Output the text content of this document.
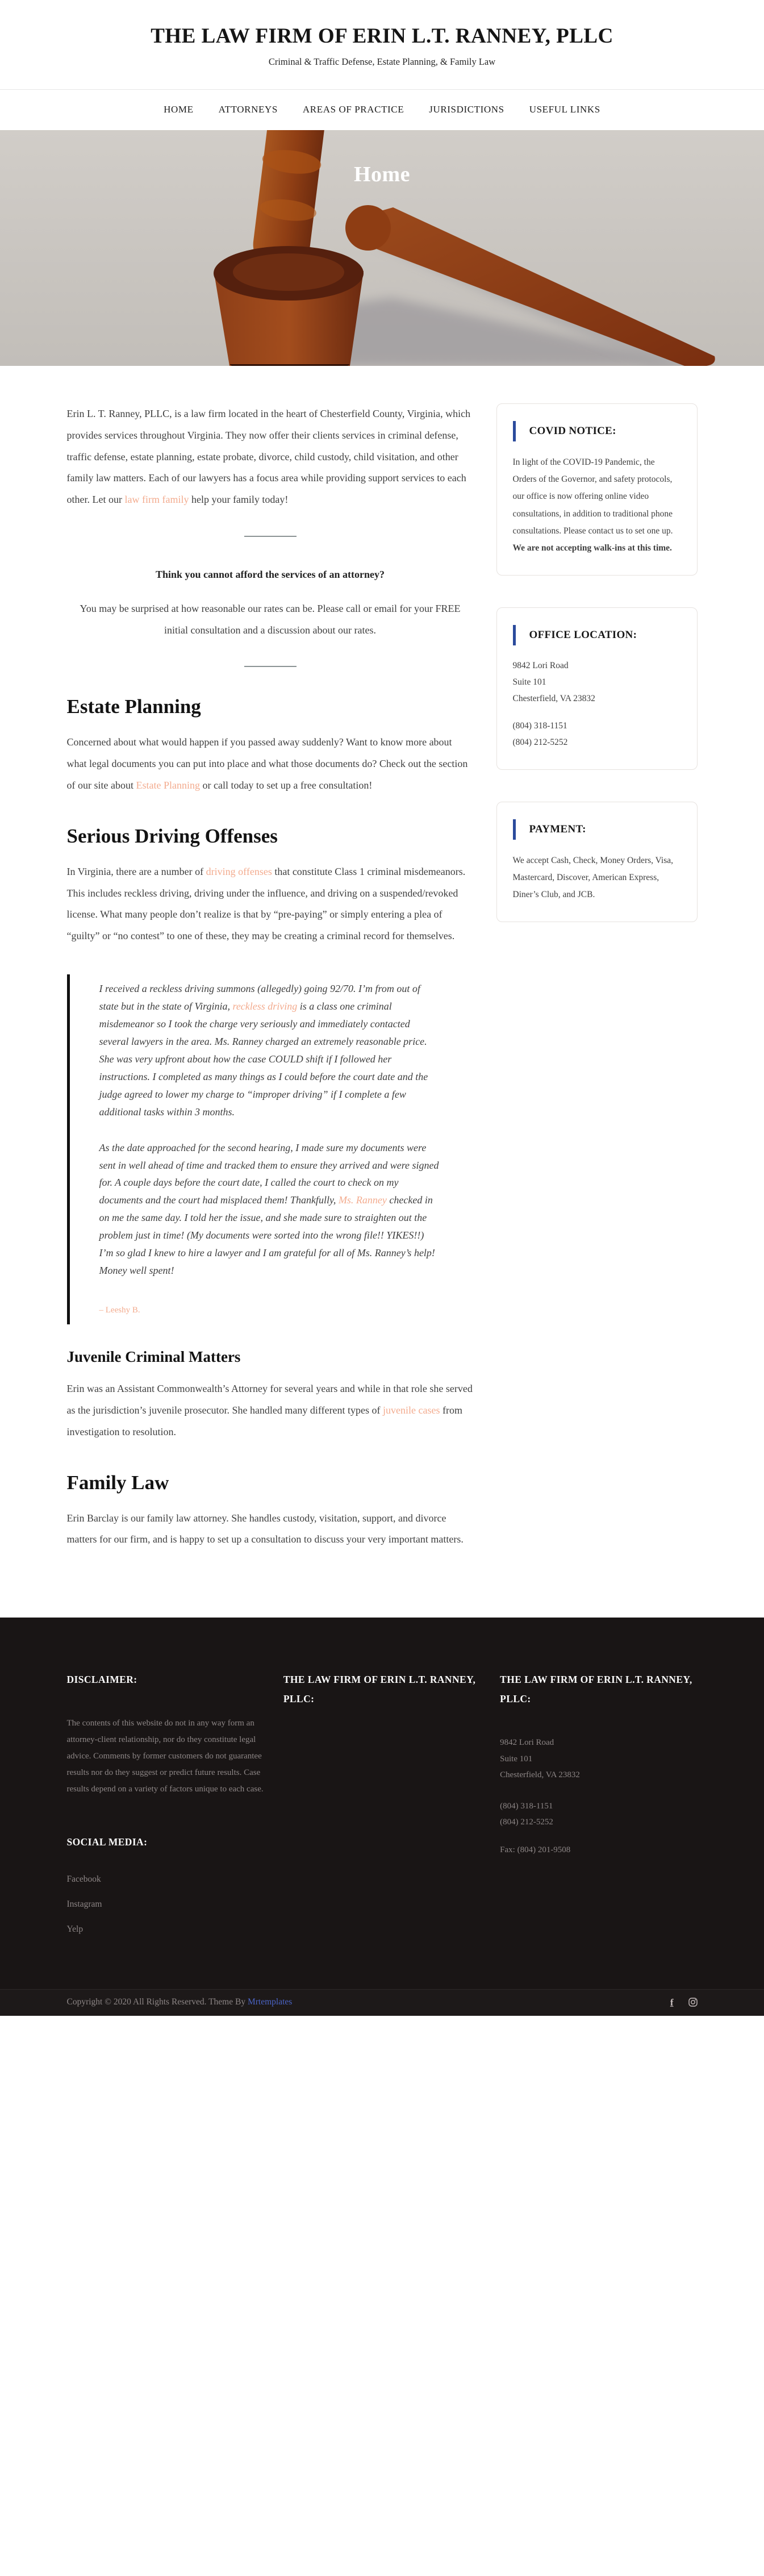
THE LAW FIRM OF ERIN L.T. RANNEY, PLLC
Criminal & Traffic Defense, Estate Planning, & Family Law
HOME	ATTORNEYS	AREAS OF PRACTICE	JURISDICTIONS	USEFUL LINKS
Home

Erin L. T. Ranney, PLLC, is a law firm located in the heart of Chesterfield County, Virginia, which provides services throughout Virginia. They now offer their clients services in criminal defense, traffic defense, estate planning, estate probate, divorce, child custody, child visitation, and other family law matters. Each of our lawyers has a focus area while providing support services to each other. Let our law firm family help your family today!

Think you cannot afford the services of an attorney?

You may be surprised at how reasonable our rates can be. Please call or email for your FREE initial consultation and a discussion about our rates.

Estate Planning

Concerned about what would happen if you passed away suddenly? Want to know more about what legal documents you can put into place and what those documents do? Check out the section of our site about Estate Planning or call today to set up a free consultation!

Serious Driving Offenses

In Virginia, there are a number of driving offenses that constitute Class 1 criminal misdemeanors. This includes reckless driving, driving under the influence, and driving on a suspended/revoked license. What many people don’t realize is that by “pre-paying” or simply entering a plea of “guilty” or “no contest” to one of these, they may be creating a criminal record for themselves.

I received a reckless driving summons (allegedly) going 92/70. I’m from out of state but in the state of Virginia, reckless driving is a class one criminal misdemeanor so I took the charge very seriously and immediately contacted several lawyers in the area. Ms. Ranney charged an extremely reasonable price. She was very upfront about how the case COULD shift if I followed her instructions. I completed as many things as I could before the court date and the judge agreed to lower my charge to “improper driving” if I complete a few additional tasks within 3 months.

As the date approached for the second hearing, I made sure my documents were sent in well ahead of time and tracked them to ensure they arrived and were signed for. A couple days before the court date, I called the court to check on my documents and the court had misplaced them! Thankfully, Ms. Ranney checked in on me the same day. I told her the issue, and she made sure to straighten out the problem just in time! (My documents were sorted into the wrong file!! YIKES!!) I’m so glad I knew to hire a lawyer and I am grateful for all of Ms. Ranney’s help! Money well spent!

– Leeshy B.
Juvenile Criminal Matters

Erin was an Assistant Commonwealth’s Attorney for several years and while in that role she served as the jurisdiction’s juvenile prosecutor. She handled many different types of juvenile cases from investigation to resolution.

Family Law

Erin Barclay is our family law attorney. She handles custody, visitation, support, and divorce matters for our firm, and is happy to set up a consultation to discuss your very important matters.

COVID NOTICE:

In light of the COVID-19 Pandemic, the Orders of the Governor, and safety protocols, our office is now offering online video consultations, in addition to traditional phone consultations. Please contact us to set one up. We are not accepting walk-ins at this time.

OFFICE LOCATION:
9842 Lori Road
Suite 101
Chesterfield, VA 23832
(804) 318-1151
(804) 212-5252
PAYMENT:

We accept Cash, Check, Money Orders, Visa, Mastercard, Discover, American Express, Diner’s Club, and JCB.

DISCLAIMER:
The contents of this website do not in any way form an attorney-client relationship, nor do they constitute legal advice. Comments by former customers do not guarantee results nor do they suggest or predict future results. Case results depend on a variety of factors unique to each case.
SOCIAL MEDIA:
Facebook
Instagram
Yelp
THE LAW FIRM OF ERIN L.T. RANNEY, PLLC:
THE LAW FIRM OF ERIN L.T. RANNEY, PLLC:
9842 Lori Road
Suite 101
Chesterfield, VA 23832
(804) 318-1151
(804) 212-5252
Fax: (804) 201-9508
Copyright © 2020 All Rights Reserved. Theme By Mrtemplates	f
